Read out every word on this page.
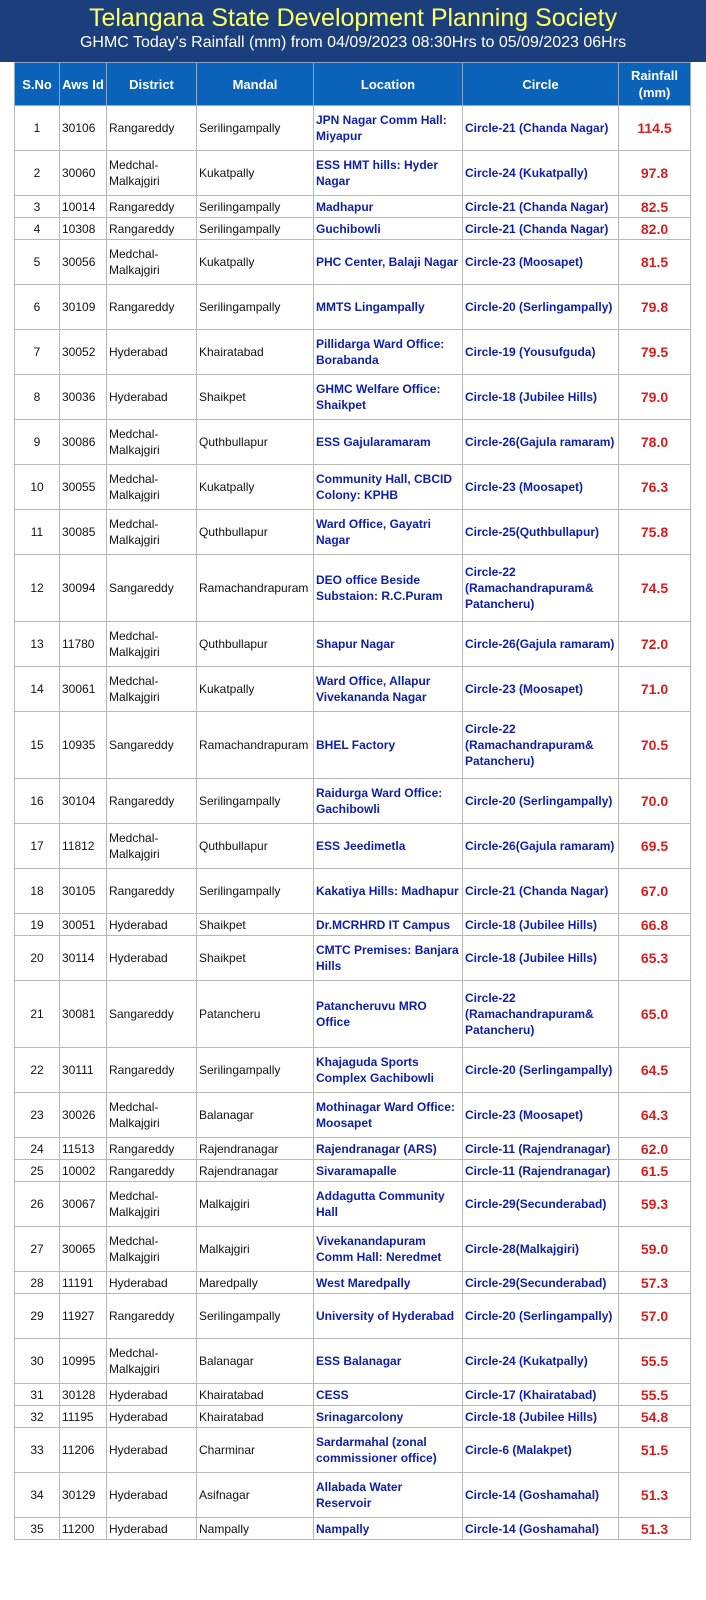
Telangana State Development Planning Society
GHMC Today's Rainfall (mm) from 04/09/2023 08:30Hrs to 05/09/2023 06Hrs
S.No	Aws Id	District	Mandal	Location	Circle	Rainfall (mm)
1	30106	Rangareddy	Serilingampally	JPN Nagar Comm Hall: Miyapur	Circle-21 (Chanda Nagar)	114.5
2	30060	Medchal-Malkajgiri	Kukatpally	ESS HMT hills: Hyder Nagar	Circle-24 (Kukatpally)	97.8
3	10014	Rangareddy	Serilingampally	Madhapur	Circle-21 (Chanda Nagar)	82.5
4	10308	Rangareddy	Serilingampally	Guchibowli	Circle-21 (Chanda Nagar)	82.0
5	30056	Medchal-Malkajgiri	Kukatpally	PHC Center, Balaji Nagar	Circle-23 (Moosapet)	81.5
6	30109	Rangareddy	Serilingampally	MMTS Lingampally	Circle-20 (Serlingampally)	79.8
7	30052	Hyderabad	Khairatabad	Pillidarga Ward Office: Borabanda	Circle-19 (Yousufguda)	79.5
8	30036	Hyderabad	Shaikpet	GHMC Welfare Office: Shaikpet	Circle-18 (Jubilee Hills)	79.0
9	30086	Medchal-Malkajgiri	Quthbullapur	ESS Gajularamaram	Circle-26(Gajula ramaram)	78.0
10	30055	Medchal-Malkajgiri	Kukatpally	Community Hall, CBCID Colony: KPHB	Circle-23 (Moosapet)	76.3
11	30085	Medchal-Malkajgiri	Quthbullapur	Ward Office, Gayatri Nagar	Circle-25(Quthbullapur)	75.8
12	30094	Sangareddy	Ramachandrapuram	DEO office Beside Substaion: R.C.Puram	Circle-22 (Ramachandrapuram& Patancheru)	74.5
13	11780	Medchal-Malkajgiri	Quthbullapur	Shapur Nagar	Circle-26(Gajula ramaram)	72.0
14	30061	Medchal-Malkajgiri	Kukatpally	Ward Office, Allapur Vivekananda Nagar	Circle-23 (Moosapet)	71.0
15	10935	Sangareddy	Ramachandrapuram	BHEL Factory	Circle-22 (Ramachandrapuram& Patancheru)	70.5
16	30104	Rangareddy	Serilingampally	Raidurga Ward Office: Gachibowli	Circle-20 (Serlingampally)	70.0
17	11812	Medchal-Malkajgiri	Quthbullapur	ESS Jeedimetla	Circle-26(Gajula ramaram)	69.5
18	30105	Rangareddy	Serilingampally	Kakatiya Hills: Madhapur	Circle-21 (Chanda Nagar)	67.0
19	30051	Hyderabad	Shaikpet	Dr.MCRHRD IT Campus	Circle-18 (Jubilee Hills)	66.8
20	30114	Hyderabad	Shaikpet	CMTC Premises: Banjara Hills	Circle-18 (Jubilee Hills)	65.3
21	30081	Sangareddy	Patancheru	Patancheruvu MRO Office	Circle-22 (Ramachandrapuram& Patancheru)	65.0
22	30111	Rangareddy	Serilingampally	Khajaguda Sports Complex Gachibowli	Circle-20 (Serlingampally)	64.5
23	30026	Medchal-Malkajgiri	Balanagar	Mothinagar Ward Office: Moosapet	Circle-23 (Moosapet)	64.3
24	11513	Rangareddy	Rajendranagar	Rajendranagar (ARS)	Circle-11 (Rajendranagar)	62.0
25	10002	Rangareddy	Rajendranagar	Sivaramapalle	Circle-11 (Rajendranagar)	61.5
26	30067	Medchal-Malkajgiri	Malkajgiri	Addagutta Community Hall	Circle-29(Secunderabad)	59.3
27	30065	Medchal-Malkajgiri	Malkajgiri	Vivekanandapuram Comm Hall: Neredmet	Circle-28(Malkajgiri)	59.0
28	11191	Hyderabad	Maredpally	West Maredpally	Circle-29(Secunderabad)	57.3
29	11927	Rangareddy	Serilingampally	University of Hyderabad	Circle-20 (Serlingampally)	57.0
30	10995	Medchal-Malkajgiri	Balanagar	ESS Balanagar	Circle-24 (Kukatpally)	55.5
31	30128	Hyderabad	Khairatabad	CESS	Circle-17 (Khairatabad)	55.5
32	11195	Hyderabad	Khairatabad	Srinagarcolony	Circle-18 (Jubilee Hills)	54.8
33	11206	Hyderabad	Charminar	Sardarmahal (zonal commissioner office)	Circle-6 (Malakpet)	51.5
34	30129	Hyderabad	Asifnagar	Allabada Water Reservoir	Circle-14 (Goshamahal)	51.3
35	11200	Hyderabad	Nampally	Nampally	Circle-14 (Goshamahal)	51.3
